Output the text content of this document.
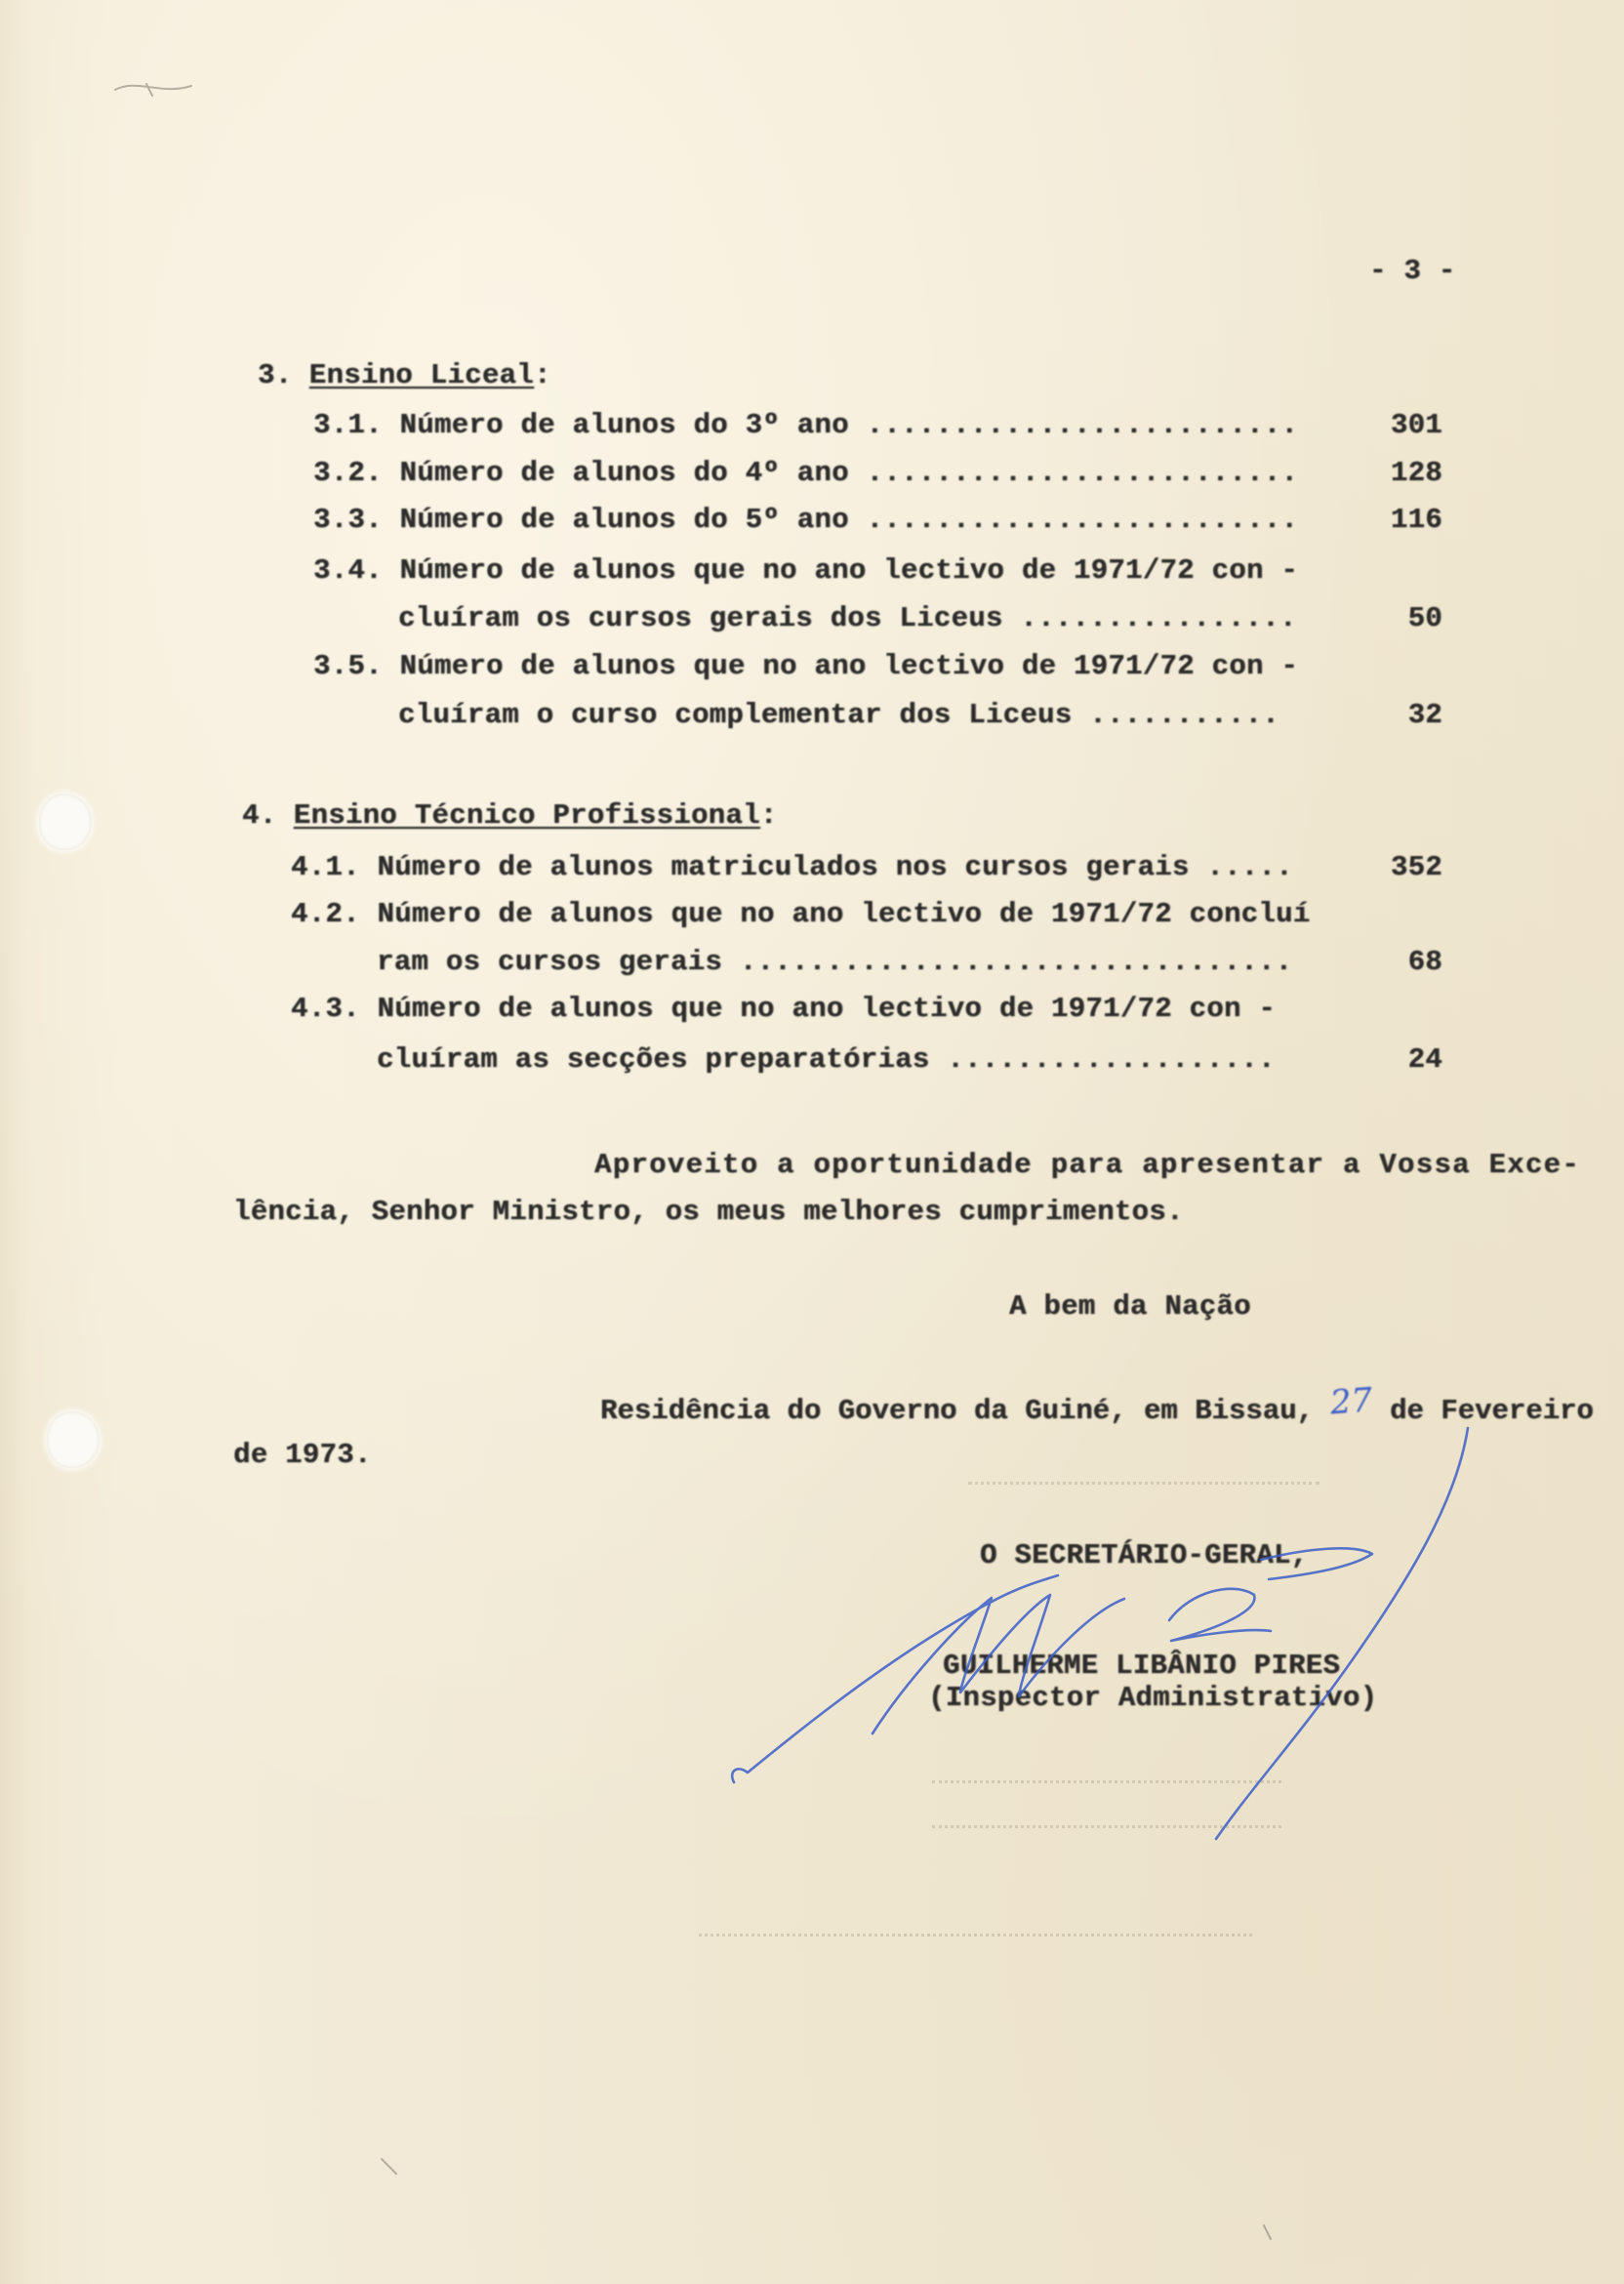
- 3 -
3. Ensino Liceal:
3.1. Número de alunos do 3º ano .........................	301
3.2. Número de alunos do 4º ano .........................	128
3.3. Número de alunos do 5º ano .........................	116
3.4. Número de alunos que no ano lectivo de 1971/72 con -
cluíram os cursos gerais dos Liceus ................	50
3.5. Número de alunos que no ano lectivo de 1971/72 con -
cluíram o curso complementar dos Liceus ...........	32
4. Ensino Técnico Profissional:
4.1. Número de alunos matriculados nos cursos gerais .....	352
4.2. Número de alunos que no ano lectivo de 1971/72 concluí
ram os cursos gerais ................................	68
4.3. Número de alunos que no ano lectivo de 1971/72 con -
cluíram as secções preparatórias ...................	24
Aproveito a oportunidade para apresentar a Vossa Exce-
lência, Senhor Ministro, os meus melhores cumprimentos.
A bem da Nação
Residência do Governo da Guiné, em Bissau, 27 de Fevereiro
de 1973.
O SECRETÁRIO-GERAL,
GUILHERME LIBÂNIO PIRES
(Inspector Administrativo)
